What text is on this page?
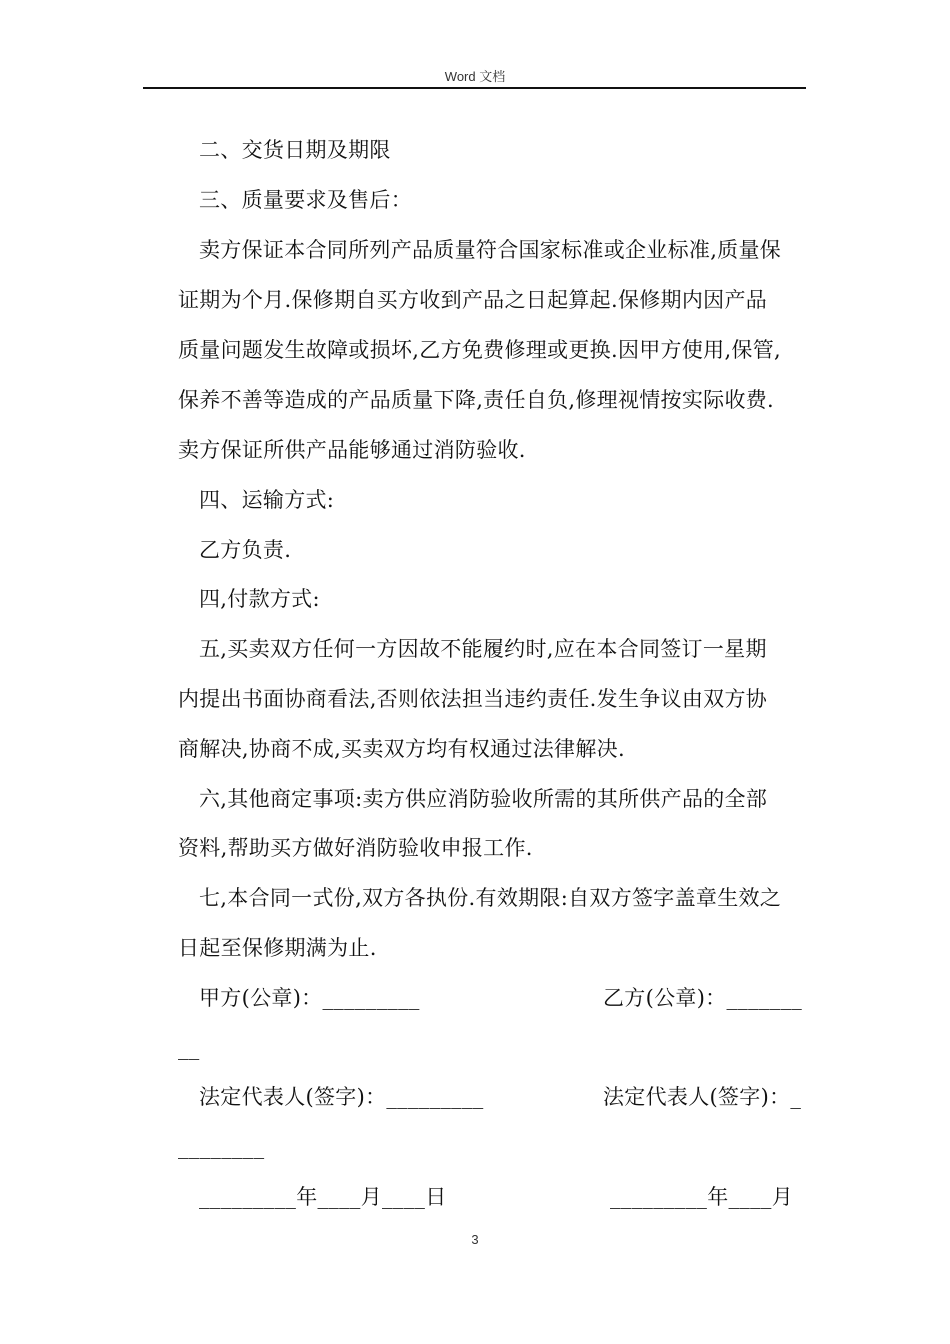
Word 文档
二、交货日期及期限
三、质量要求及售后：
卖方保证本合同所列产品质量符合国家标准或企业标准,质量保
证期为个月.保修期自买方收到产品之日起算起.保修期内因产品
质量问题发生故障或损坏,乙方免费修理或更换.因甲方使用,保管,
保养不善等造成的产品质量下降,责任自负,修理视情按实际收费.
卖方保证所供产品能够通过消防验收.
四、运输方式:
乙方负责.
四,付款方式:
五,买卖双方任何一方因故不能履约时,应在本合同签订一星期
内提出书面协商看法,否则依法担当违约责任.发生争议由双方协
商解决,协商不成,买卖双方均有权通过法律解决.
六,其他商定事项:卖方供应消防验收所需的其所供产品的全部
资料,帮助买方做好消防验收申报工作.
七,本合同一式份,双方各执份.有效期限:自双方签字盖章生效之
日起至保修期满为止.
甲方(公章)：_________	乙方(公章)：_______
__
法定代表人(签字)：_________	法定代表人(签字)：_
________
_________年____月____日	_________年____月
3
